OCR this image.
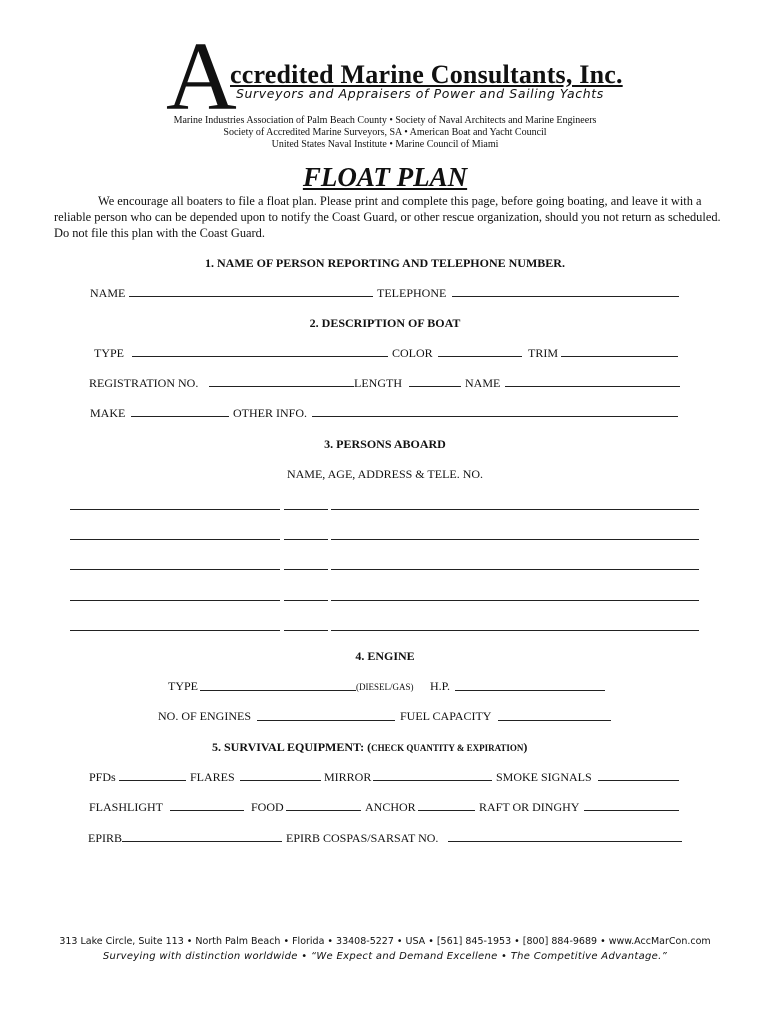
A
ccredited Marine Consultants, Inc.
Surveyors and Appraisers of Power and Sailing Yachts
Marine Industries Association of Palm Beach County • Society of Naval Architects and Marine Engineers
Society of Accredited Marine Surveyors, SA • American Boat and Yacht Council
United States Naval Institute • Marine Council of Miami
FLOAT PLAN
We encourage all boaters to file a float plan. Please print and complete this page, before going boating, and leave it with a reliable person who can be depended upon to notify the Coast Guard, or other rescue organization, should you not return as scheduled. Do not file this plan with the Coast Guard.
1. NAME OF PERSON REPORTING AND TELEPHONE NUMBER.
NAME	TELEPHONE
2. DESCRIPTION OF BOAT
TYPE	COLOR	TRIM
REGISTRATION NO.	LENGTH	NAME
MAKE	OTHER INFO.
3. PERSONS ABOARD
NAME, AGE, ADDRESS & TELE. NO.
4. ENGINE
TYPE	(DIESEL/GAS) H.P.
NO. OF ENGINES	FUEL CAPACITY
5. SURVIVAL EQUIPMENT: (CHECK QUANTITY & EXPIRATION)
PFDs	FLARES	MIRROR	SMOKE SIGNALS
FLASHLIGHT	FOOD	ANCHOR	RAFT OR DINGHY
EPIRB	EPIRB COSPAS/SARSAT NO.
313 Lake Circle, Suite 113 • North Palm Beach • Florida • 33408-5227 • USA • [561] 845-1953 • [800] 884-9689 • www.AccMarCon.com
Surveying with distinction worldwide • “We Expect and Demand Excellene • The Competitive Advantage.”
